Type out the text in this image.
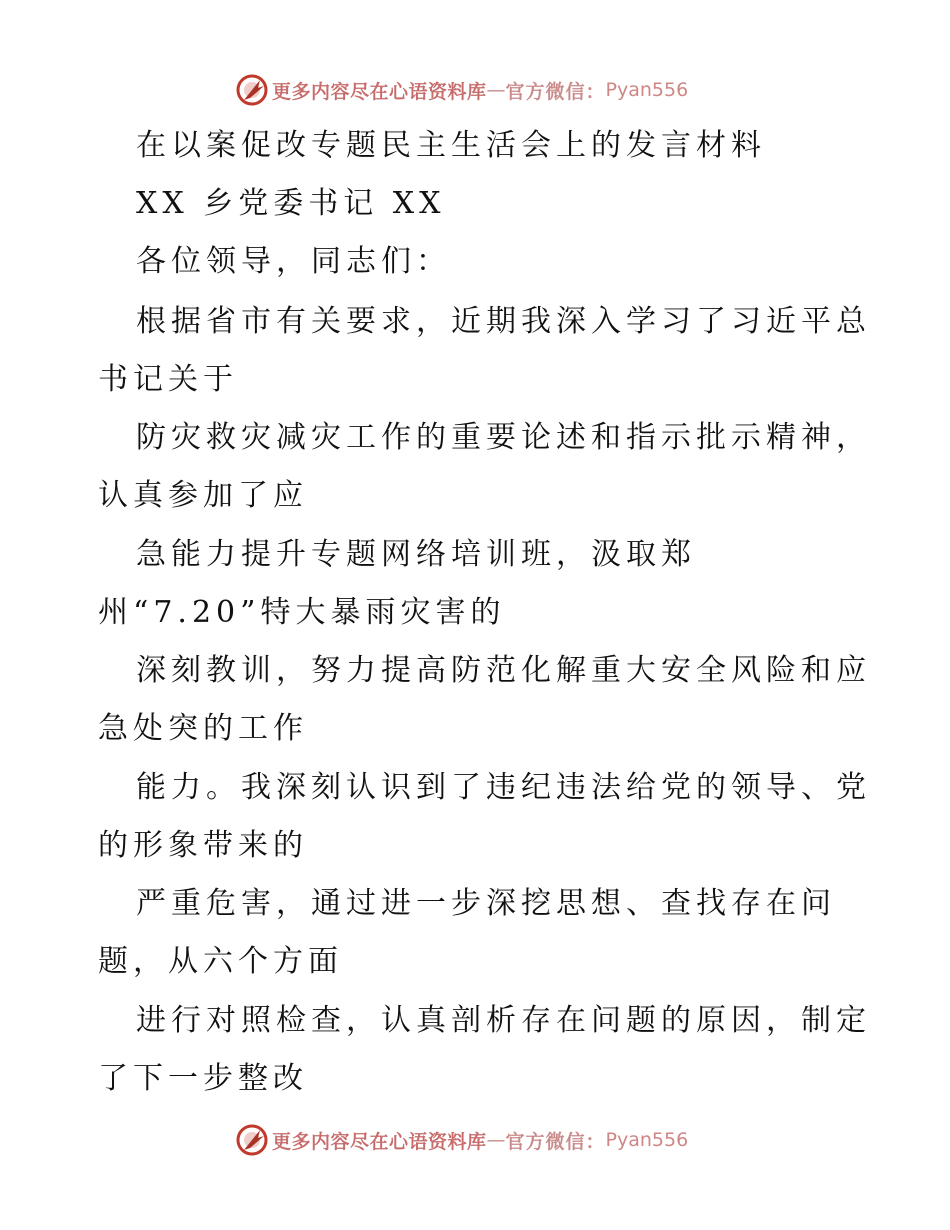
更多内容尽在心语资料库 — 官方微信： Pyan556
在以案促改专题民主生活会上的发言材料
XX 乡党委书记 XX
各位领导，同志们：
根据省市有关要求，近期我深入学习了习近平总
书记关于
防灾救灾减灾工作的重要论述和指示批示精神，
认真参加了应
急能力提升专题网络培训班，汲取郑
州“7.20”特大暴雨灾害的
深刻教训，努力提高防范化解重大安全风险和应
急处突的工作
能力。我深刻认识到了违纪违法给党的领导、党
的形象带来的
严重危害，通过进一步深挖思想、查找存在问
题，从六个方面
进行对照检查，认真剖析存在问题的原因，制定
了下一步整改
更多内容尽在心语资料库 — 官方微信： Pyan556
